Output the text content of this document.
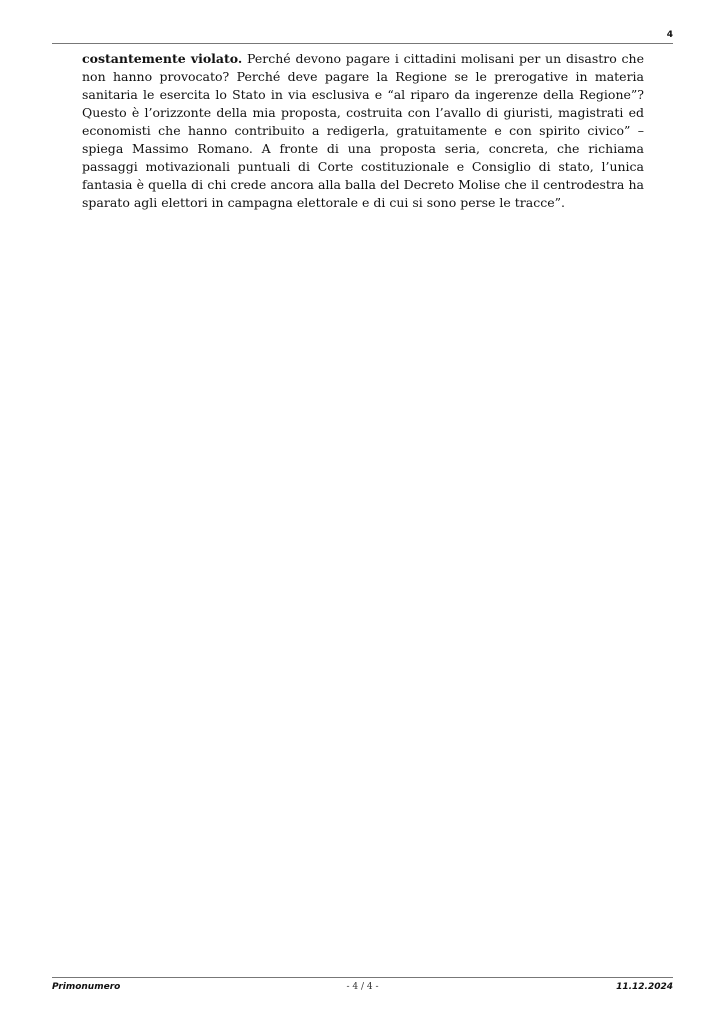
4

costantemente violato. Perché devono pagare i cittadini molisani per un disastro che non hanno provocato? Perché deve pagare la Regione se le prerogative in materia sanitaria le esercita lo Stato in via esclusiva e “al riparo da ingerenze della Regione”? Questo è l’orizzonte della mia proposta, costruita con l’avallo di giuristi, magistrati ed economisti che hanno contribuito a redigerla, gratuitamente e con spirito civico” – spiega Massimo Romano. A fronte di una proposta seria, concreta, che richiama passaggi motivazionali puntuali di Corte costituzionale e Consiglio di stato, l’unica fantasia è quella di chi crede ancora alla balla del Decreto Molise che il centrodestra ha sparato agli elettori in campagna elettorale e di cui si sono perse le tracce”.

Primonumero	- 4 / 4 -	11.12.2024
